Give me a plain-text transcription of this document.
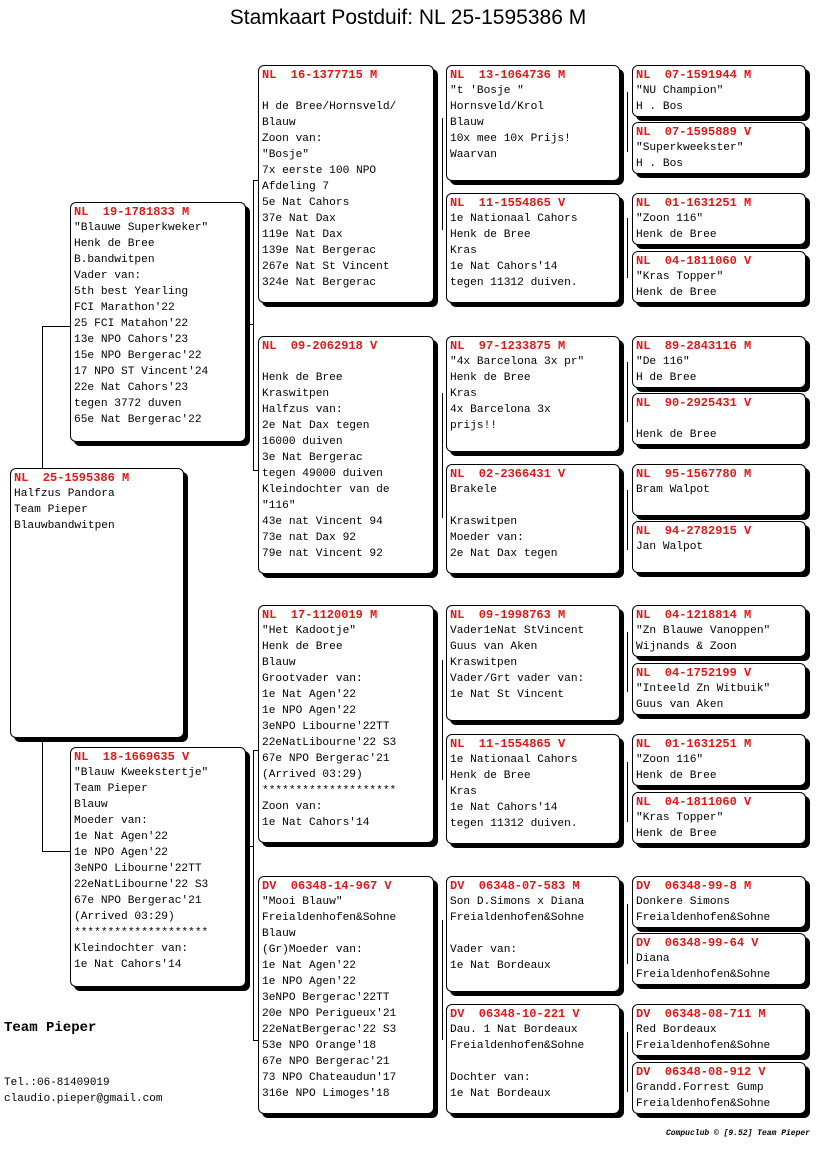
Stamkaart Postduif: NL 25-1595386 M
NL  25-1595386 M
Halfzus Pandora
Team Pieper
Blauwbandwitpen
NL  19-1781833 M
"Blauwe Superkweker"
Henk de Bree
B.bandwitpen
Vader van:
5th best Yearling
FCI Marathon'22
25 FCI Matahon'22
13e NPO Cahors'23
15e NPO Bergerac'22
17 NPO ST Vincent'24
22e Nat Cahors'23
tegen 3772 duven
65e Nat Bergerac'22
NL  18-1669635 V
"Blauw Kweekstertje"
Team Pieper
Blauw
Moeder van:
1e Nat Agen'22
1e NPO Agen'22
3eNPO Libourne'22TT
22eNatLibourne'22 S3
67e NPO Bergerac'21
(Arrived 03:29)
********************
Kleindochter van:
1e Nat Cahors'14
NL  16-1377715 M
H de Bree/Hornsveld/
Blauw
Zoon van:
"Bosje"
7x eerste 100 NPO
Afdeling 7
5e Nat Cahors
37e Nat Dax
119e Nat Dax
139e Nat Bergerac
267e Nat St Vincent
324e Nat Bergerac
NL  09-2062918 V
Henk de Bree
Kraswitpen
Halfzus van:
2e Nat Dax tegen
16000 duiven
3e Nat Bergerac
tegen 49000 duiven
Kleindochter van de
"116"
43e nat Vincent 94
73e nat Dax 92
79e nat Vincent 92
NL  17-1120019 M
"Het Kadootje"
Henk de Bree
Blauw
Grootvader van:
1e Nat Agen'22
1e NPO Agen'22
3eNPO Libourne'22TT
22eNatLibourne'22 S3
67e NPO Bergerac'21
(Arrived 03:29)
********************
Zoon van:
1e Nat Cahors'14
DV  06348-14-967 V
"Mooi Blauw"
Freialdenhofen&Sohne
Blauw
(Gr)Moeder van:
1e Nat Agen'22
1e NPO Agen'22
3eNPO Bergerac'22TT
20e NPO Perigueux'21
22eNatBergerac'22 S3
53e NPO Orange'18
67e NPO Bergerac'21
73 NPO Chateaudun'17
316e NPO Limoges'18
NL  13-1064736 M
"t 'Bosje "
Hornsveld/Krol
Blauw
10x mee 10x Prijs!
Waarvan
NL  11-1554865 V
1e Nationaal Cahors
Henk de Bree
Kras
1e Nat Cahors'14
tegen 11312 duiven.
NL  97-1233875 M
"4x Barcelona 3x pr"
Henk de Bree
Kras
4x Barcelona 3x
prijs!!
NL  02-2366431 V
Brakele
Kraswitpen
Moeder van:
2e Nat Dax tegen
NL  09-1998763 M
Vader1eNat StVincent
Guus van Aken
Kraswitpen
Vader/Grt vader van:
1e Nat St Vincent
NL  11-1554865 V
1e Nationaal Cahors
Henk de Bree
Kras
1e Nat Cahors'14
tegen 11312 duiven.
DV  06348-07-583 M
Son D.Simons x Diana
Freialdenhofen&Sohne
Vader van:
1e Nat Bordeaux
DV  06348-10-221 V
Dau. 1 Nat Bordeaux
Freialdenhofen&Sohne
Dochter van:
1e Nat Bordeaux
NL  07-1591944 M
"NU Champion"
H . Bos
NL  07-1595889 V
"Superkweekster"
H . Bos
NL  01-1631251 M
"Zoon 116"
Henk de Bree
NL  04-1811060 V
"Kras Topper"
Henk de Bree
NL  89-2843116 M
"De 116"
H de Bree
NL  90-2925431 V
Henk de Bree
NL  95-1567780 M
Bram Walpot
NL  94-2782915 V
Jan Walpot
NL  04-1218814 M
"Zn Blauwe Vanoppen"
Wijnands & Zoon
NL  04-1752199 V
"Inteeld Zn Witbuik"
Guus van Aken
NL  01-1631251 M
"Zoon 116"
Henk de Bree
NL  04-1811060 V
"Kras Topper"
Henk de Bree
DV  06348-99-8 M
Donkere Simons
Freialdenhofen&Sohne
DV  06348-99-64 V
Diana
Freialdenhofen&Sohne
DV  06348-08-711 M
Red Bordeaux
Freialdenhofen&Sohne
DV  06348-08-912 V
Grandd.Forrest Gump
Freialdenhofen&Sohne
Team Pieper
Tel.:06-81409019
claudio.pieper@gmail.com
Compuclub © [9.52] Team Pieper
